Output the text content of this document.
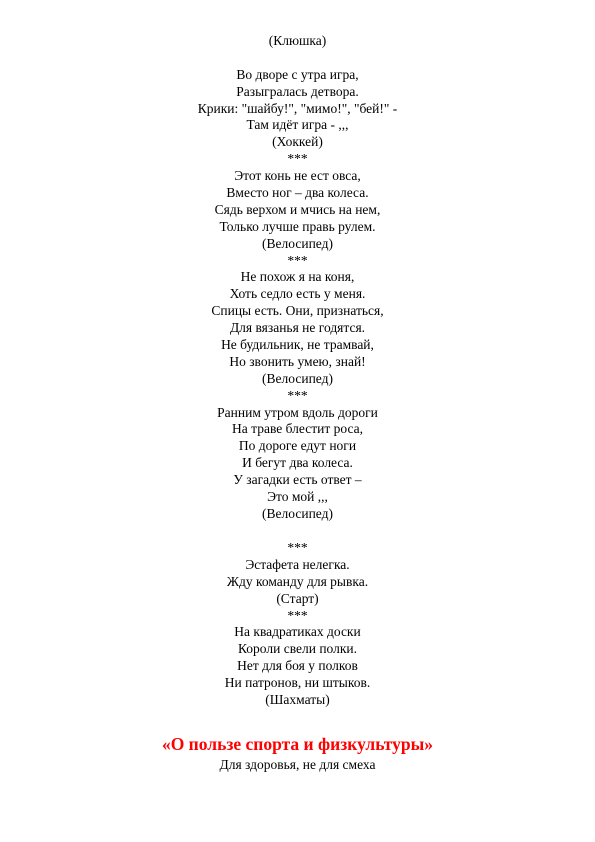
(Клюшка)
Во дворе с утра игра,
Разыгралась детвора.
Крики: "шайбу!", "мимо!", "бей!" -
Там идёт игра - ,,,
(Хоккей)
***
Этот конь не ест овса,
Вместо ног – два колеса.
Сядь верхом и мчись на нем,
Только лучше правь рулем.
(Велосипед)
***
Не похож я на коня,
Хоть седло есть у меня.
Спицы есть. Они, признаться,
Для вязанья не годятся.
Не будильник, не трамвай,
Но звонить умею, знай!
(Велосипед)
***
Ранним утром вдоль дороги
На траве блестит роса,
По дороге едут ноги
И бегут два колеса.
У загадки есть ответ –
Это мой ,,,
(Велосипед)
***
Эстафета нелегка.
Жду команду для рывка.
(Старт)
***
На квадратиках доски
Короли свели полки.
Нет для боя у полков
Ни патронов, ни штыков.
(Шахматы)
«О пользе спорта и физкультуры»
Для здоровья, не для смеха
